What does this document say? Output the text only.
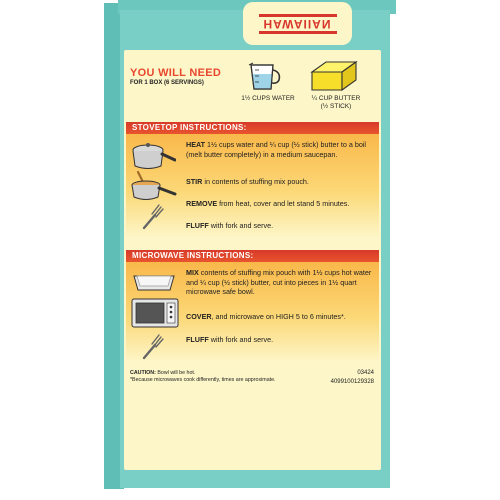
HAWAIIAN
YOU WILL NEED
FOR 1 BOX (6 SERVINGS)
1½ CUPS WATER	¼ CUP BUTTER
(½ STICK)
STOVETOP INSTRUCTIONS:
HEAT 1½ cups water and ¼ cup (½ stick) butter to a boil (melt butter completely) in a medium saucepan.
STIR in contents of stuffing mix pouch.
REMOVE from heat, cover and let stand 5 minutes.
FLUFF with fork and serve.
MICROWAVE INSTRUCTIONS:
MIX contents of stuffing mix pouch with 1½ cups hot water and ¼ cup (½ stick) butter, cut into pieces in 1½ quart microwave safe bowl.
COVER, and microwave on HIGH 5 to 6 minutes*.
FLUFF with fork and serve.
CAUTION: Bowl will be hot.
*Because microwaves cook differently, times are approximate.
03424
4099100129328
